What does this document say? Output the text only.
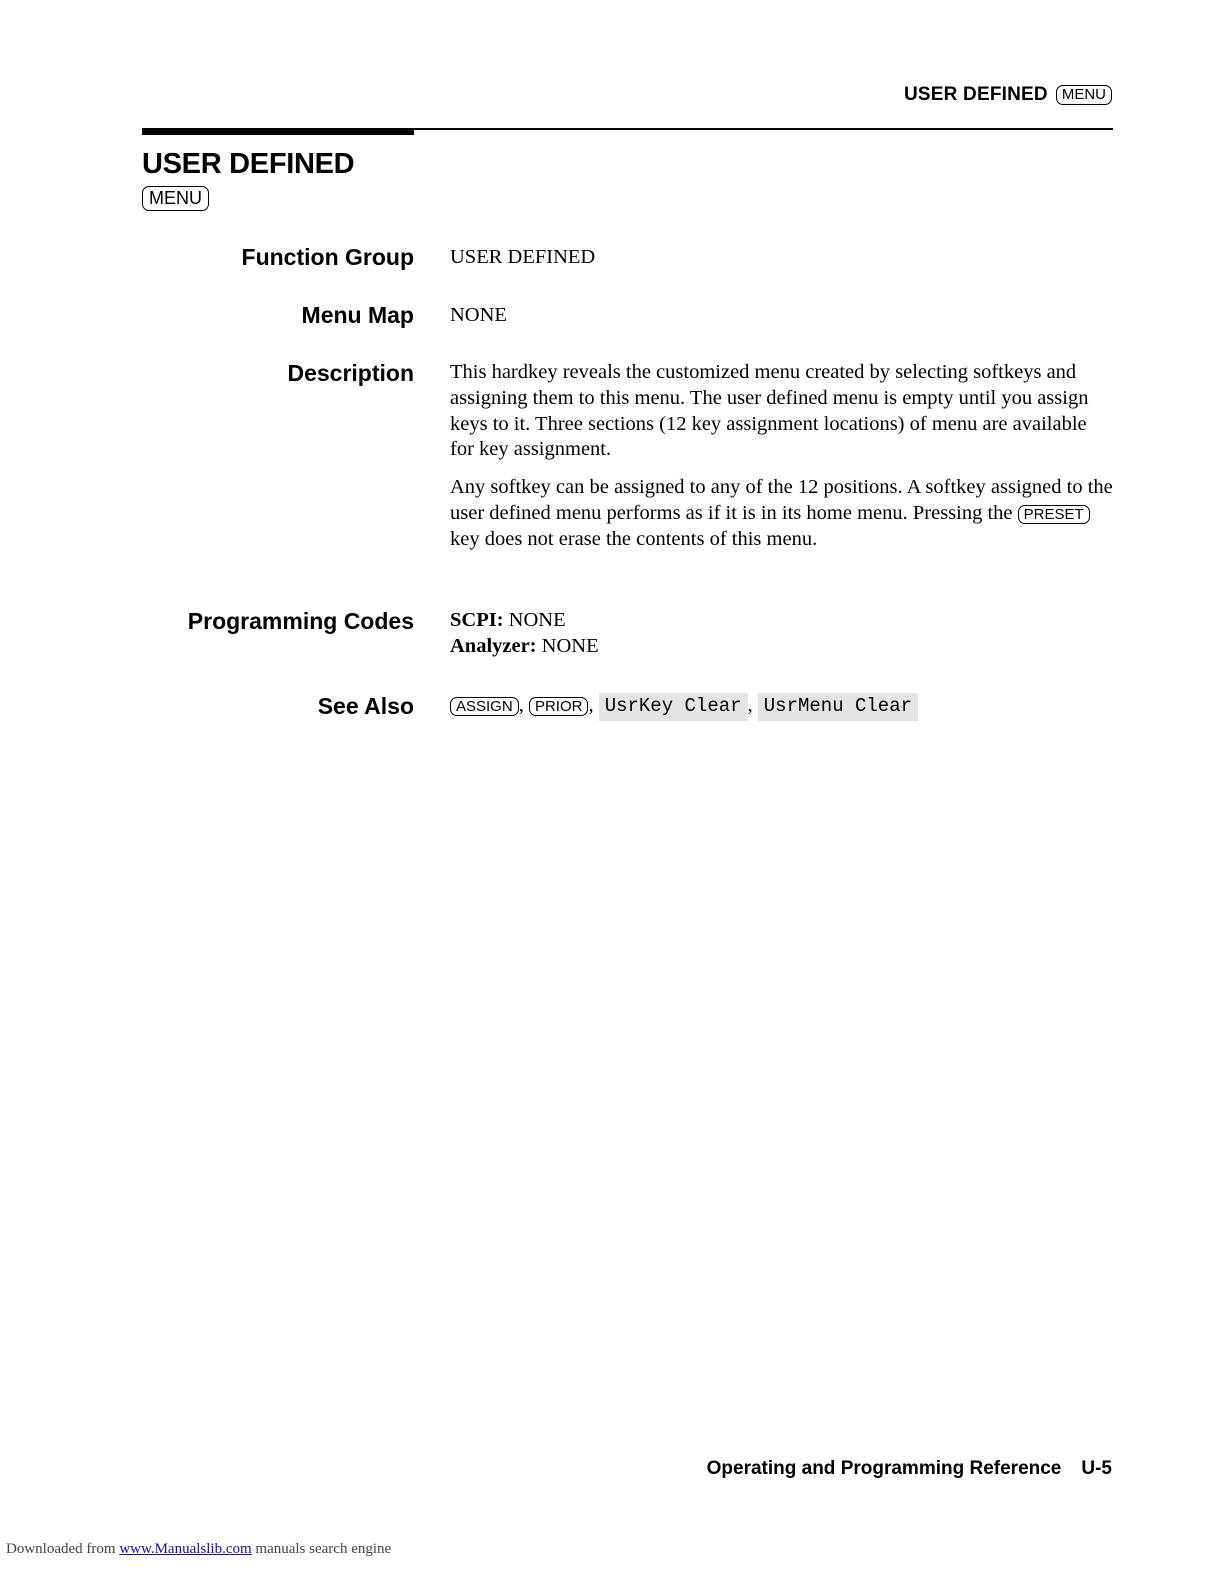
USER DEFINED MENU
USER DEFINED
MENU
Function Group USER DEFINED
Menu Map NONE
Description This hardkey reveals the customized menu created by selecting softkeys and assigning them to this menu. The user defined menu is empty until you assign keys to it. Three sections (12 key assignment locations) of menu are available for key assignment.

Any softkey can be assigned to any of the 12 positions. A softkey assigned to the user defined menu performs as if it is in its home menu. Pressing the PRESET key does not erase the contents of this menu.

Programming Codes SCPI: NONE
Analyzer: NONE
See Also	ASSIGN , PRIOR , UsrKey Clear , UsrMenu Clear
Operating and Programming Reference U-5
Downloaded from www.Manualslib.com manuals search engine
